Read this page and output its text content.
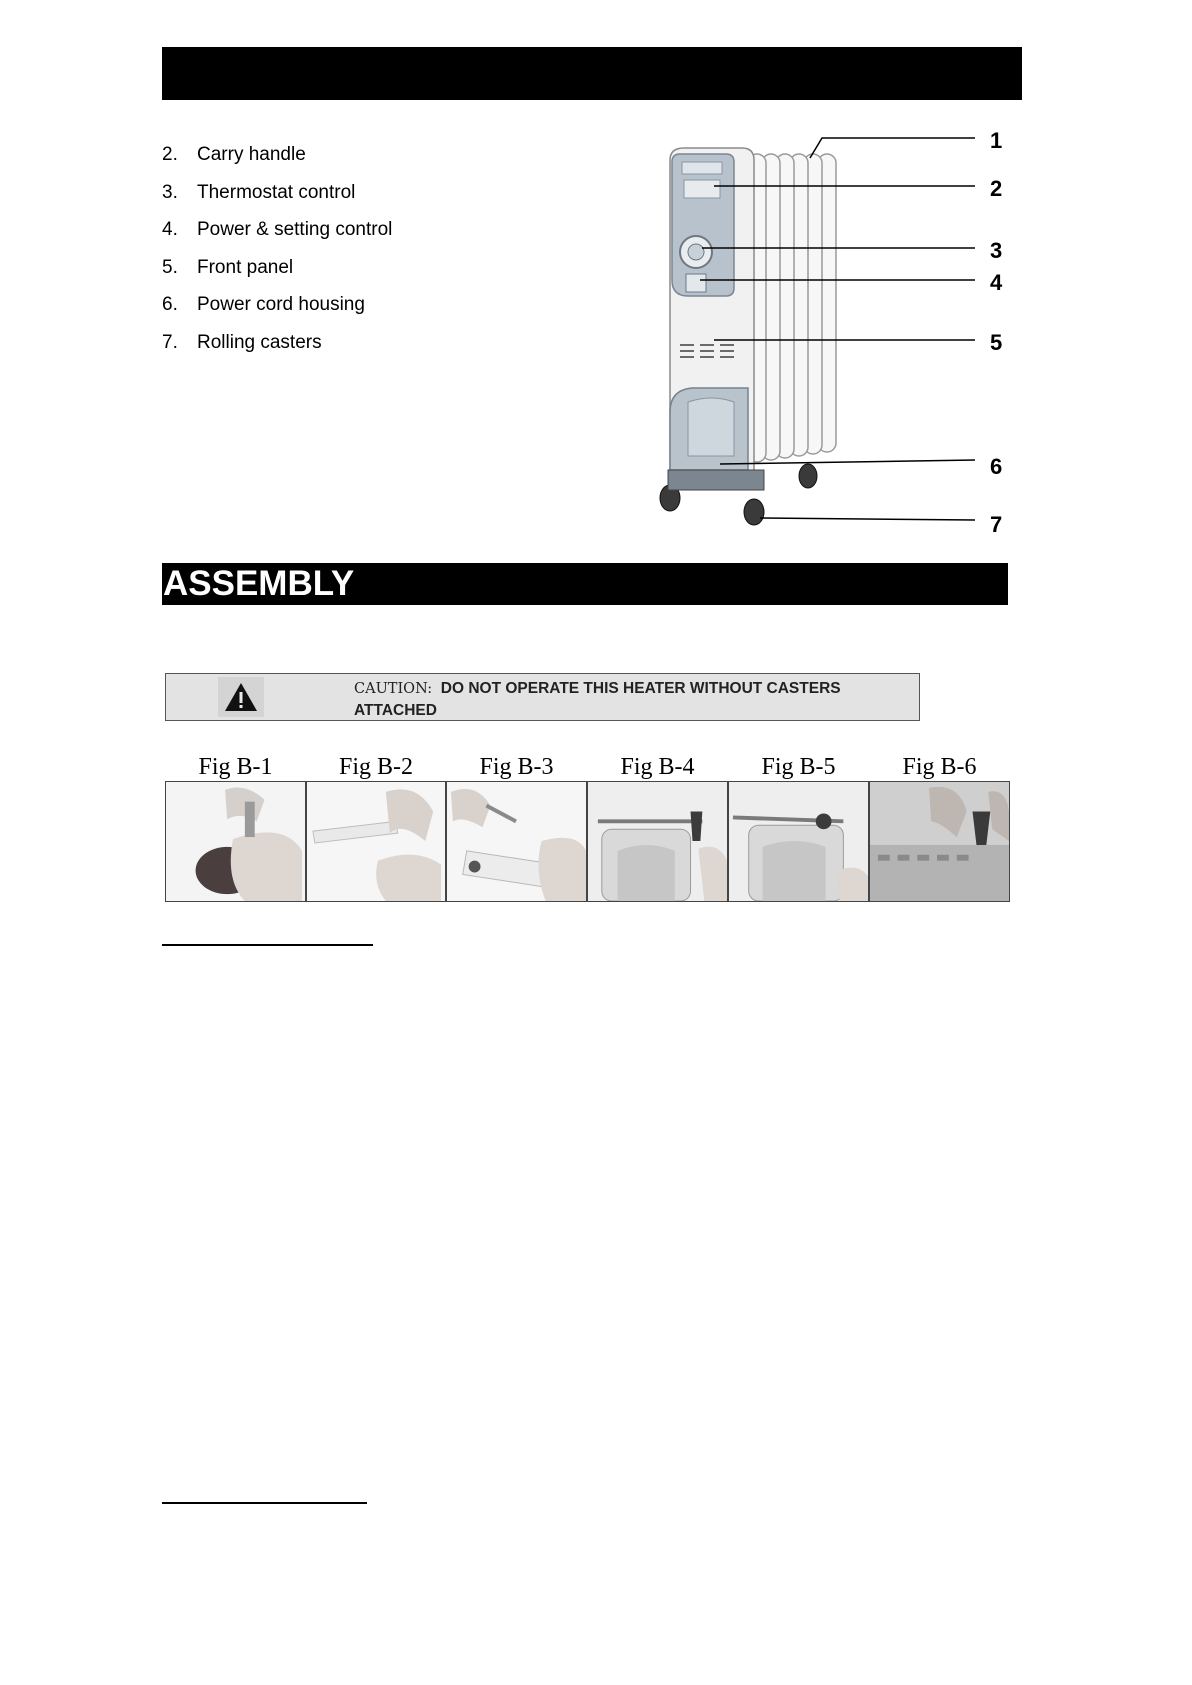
2. Carry handle
3. Thermostat control
4. Power & setting control
5. Front panel
6. Power cord housing
7. Rolling casters
1
2
3
4
5
6
7
ASSEMBLY
CAUTION: DO NOT OPERATE THIS HEATER WITHOUT CASTERS ATTACHED
Fig B-1	Fig B-2	Fig B-3	Fig B-4	Fig B-5	Fig B-6
